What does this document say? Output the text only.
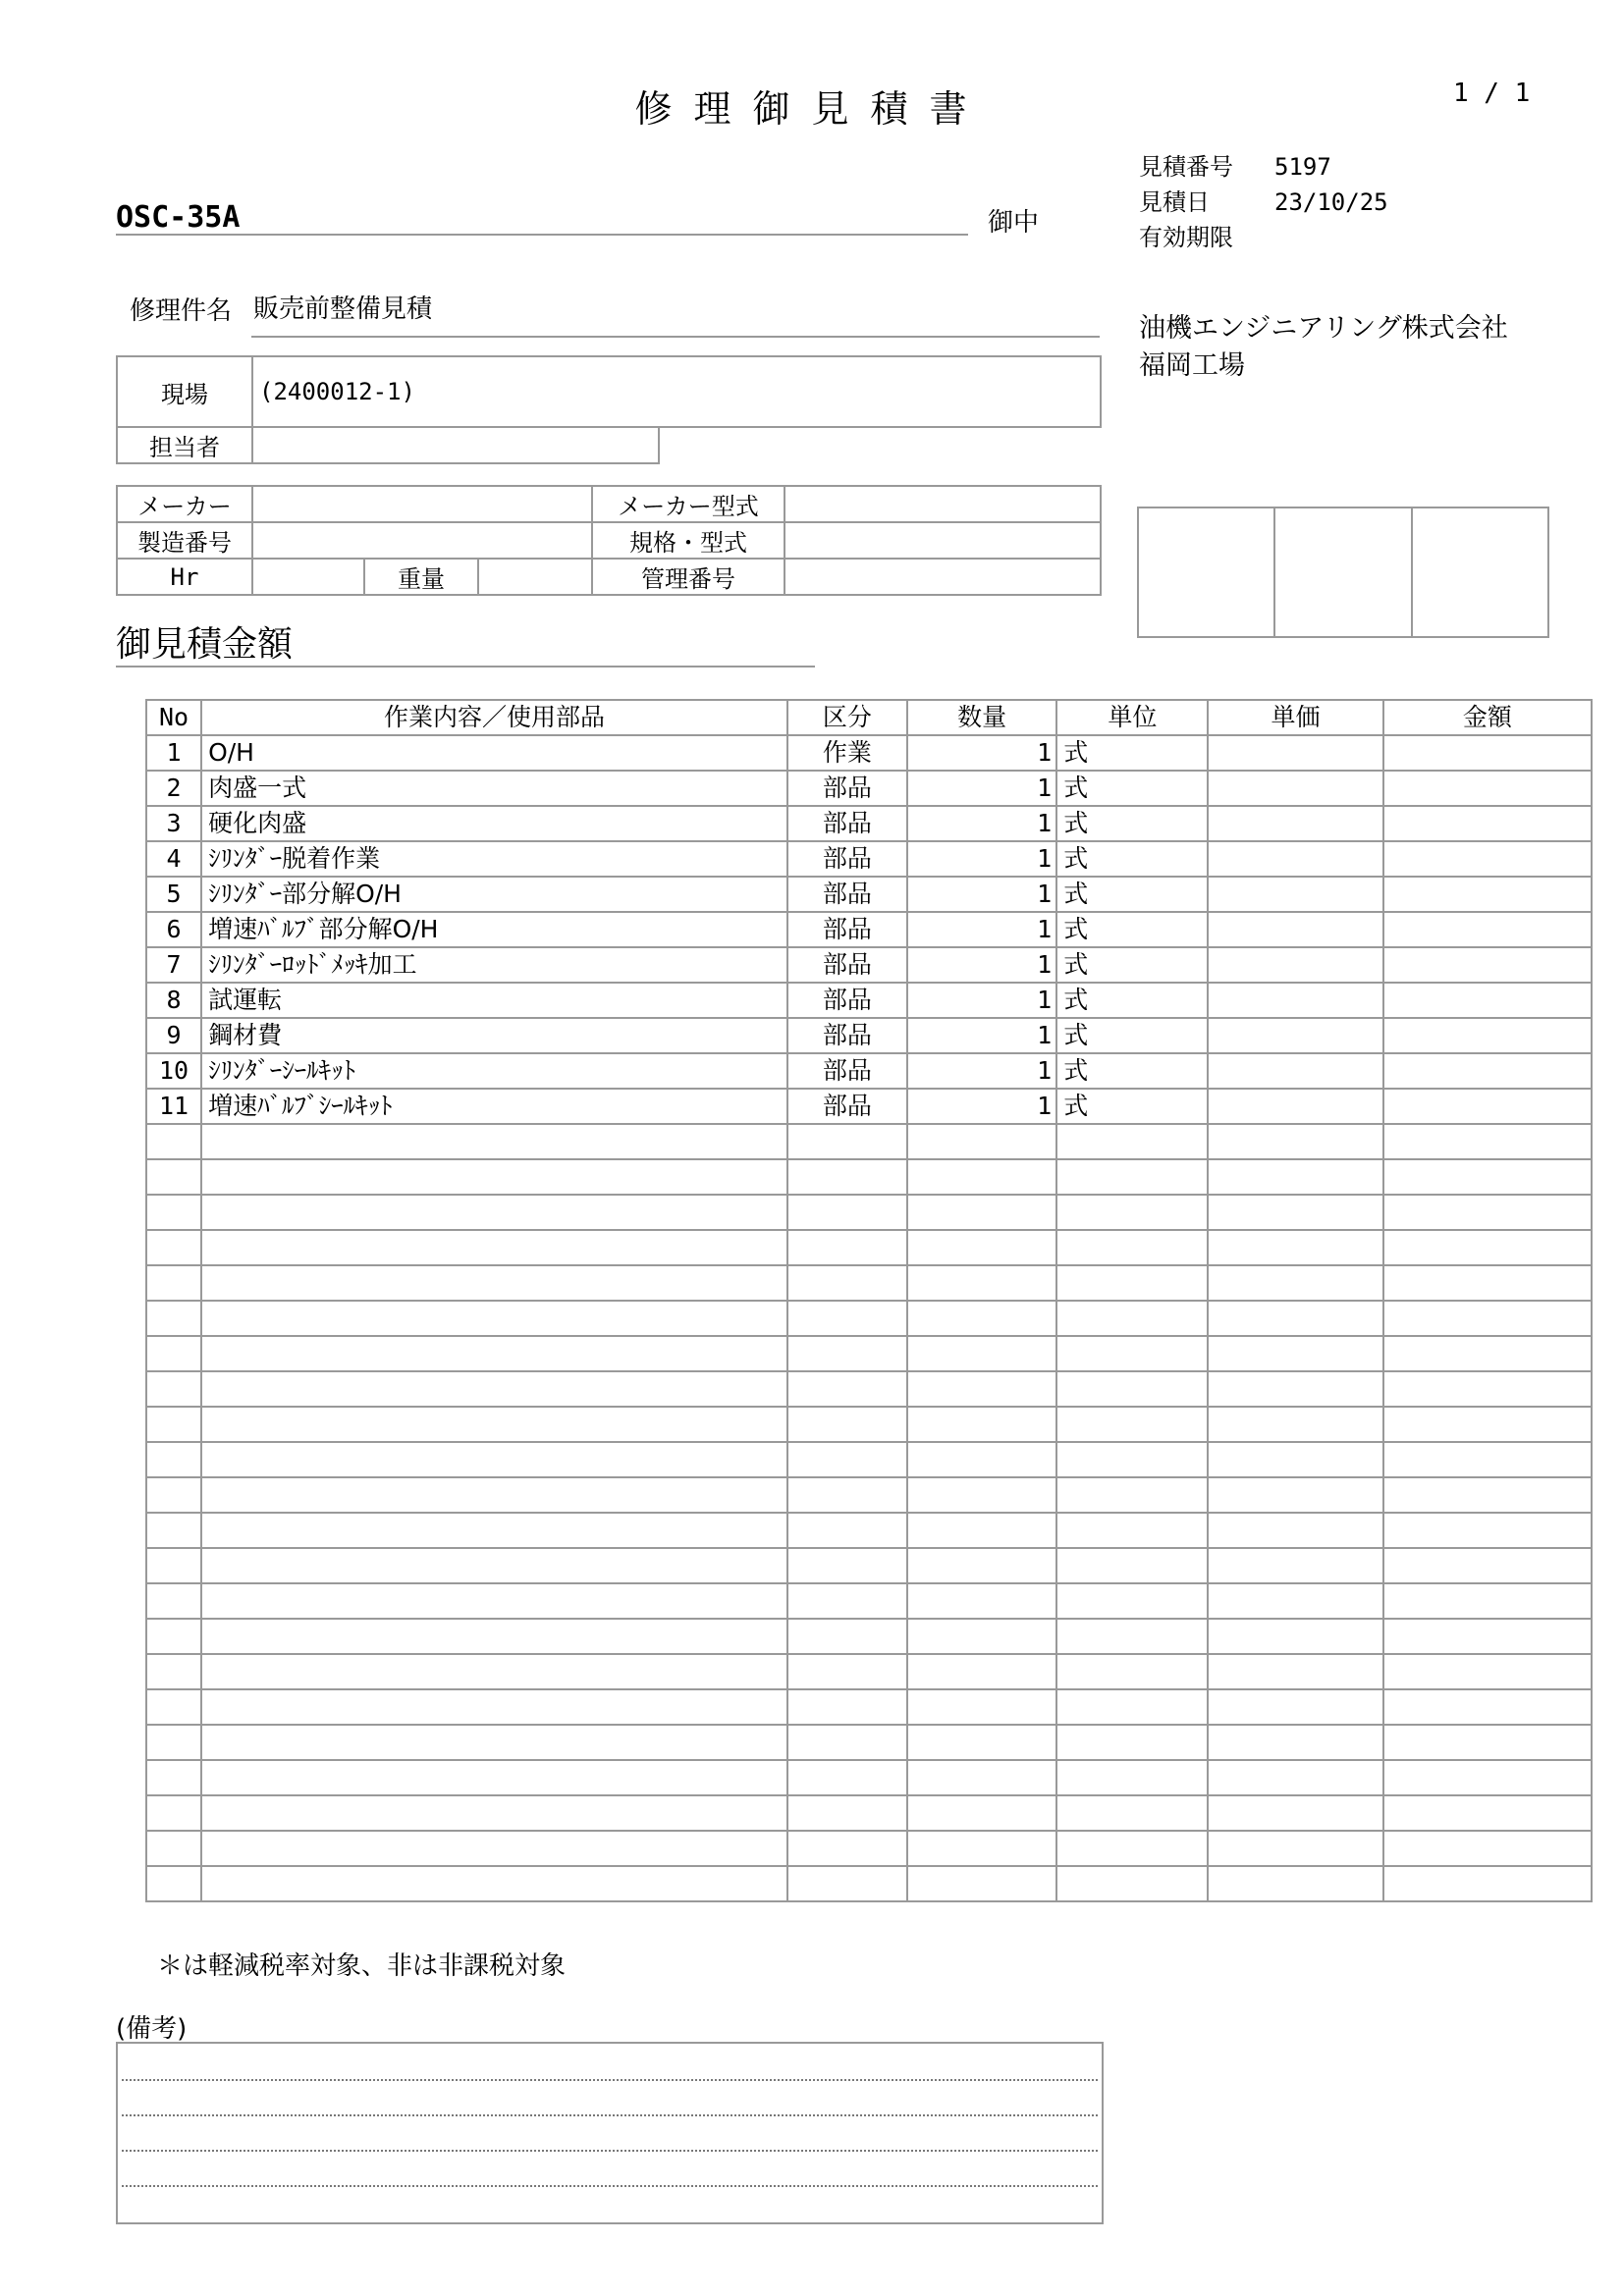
修理御見積書	1 / 1
OSC-35A	御中
見積番号	5197
見積日	23/10/25
有効期限
油機エンジニアリング株式会社
福岡工場
修理件名 販売前整備見積
現場	(2400012-1)
担当者	
メーカー				メーカー型式	
製造番号				規格・型式	
Hr		重量		管理番号	

御見積金額
No	作業内容／使用部品	区分	数量	単位	単価	金額
1	O/H	作業	1	式		
2	肉盛一式	部品	1	式		
3	硬化肉盛	部品	1	式		
4	ｼﾘﾝﾀﾞｰ脱着作業	部品	1	式		
5	ｼﾘﾝﾀﾞｰ部分解O/H	部品	1	式		
6	増速ﾊﾞﾙﾌﾞ部分解O/H	部品	1	式		
7	ｼﾘﾝﾀﾞｰﾛｯﾄﾞﾒｯｷ加工	部品	1	式		
8	試運転	部品	1	式		
9	鋼材費	部品	1	式		
10	ｼﾘﾝﾀﾞｰｼｰﾙｷｯﾄ	部品	1	式		
11	増速ﾊﾞﾙﾌﾞｼｰﾙｷｯﾄ	部品	1	式		

＊は軽減税率対象、非は非課税対象
(備考)
